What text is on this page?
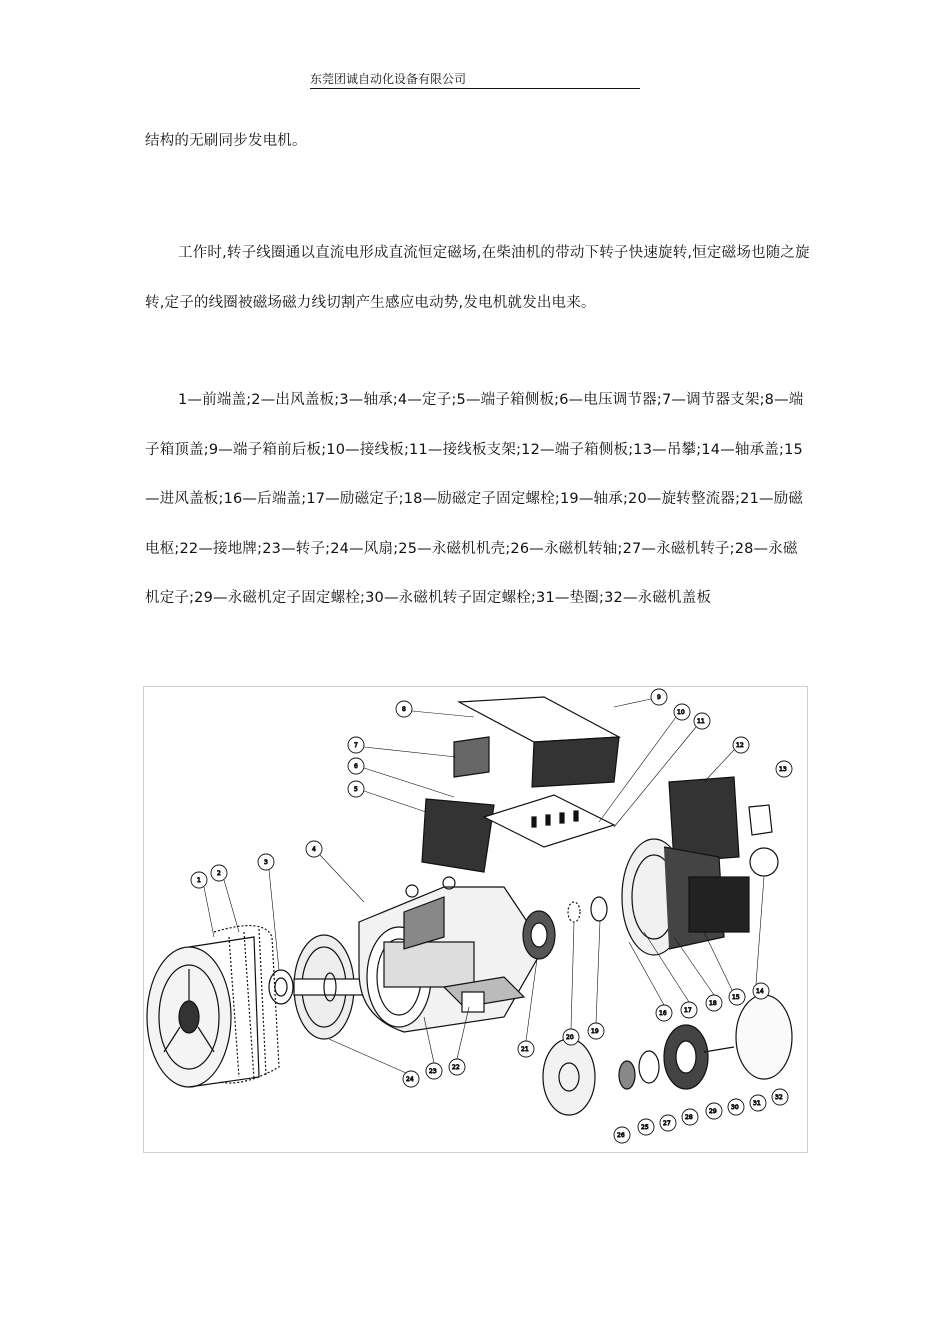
东莞团诚自动化设备有限公司

结构的无刷同步发电机。

工作时,转子线圈通以直流电形成直流恒定磁场,在柴油机的带动下转子快速旋转,恒定磁场也随之旋转,定子的线圈被磁场磁力线切割产生感应电动势,发电机就发出电来。

1—前端盖;2—出风盖板;3—轴承;4—定子;5—端子箱侧板;6—电压调节器;7—调节器支架;8—端子箱顶盖;9—端子箱前后板;10—接线板;11—接线板支架;12—端子箱侧板;13—吊攀;14—轴承盖;15—进风盖板;16—后端盖;17—励磁定子;18—励磁定子固定螺栓;19—轴承;20—旋转整流器;21—励磁电枢;22—接地牌;23—转子;24—风扇;25—永磁机机壳;26—永磁机转轴;27—永磁机转子;28—永磁机定子;29—永磁机定子固定螺栓;30—永磁机转子固定螺栓;31—垫圈;32—永磁机盖板

1
2
3
4
5
6
7
8
9
10
11
12
13
14
15
16	17
18
19
20
21
22
23
24
25
26
27
28
29
30
31
32
